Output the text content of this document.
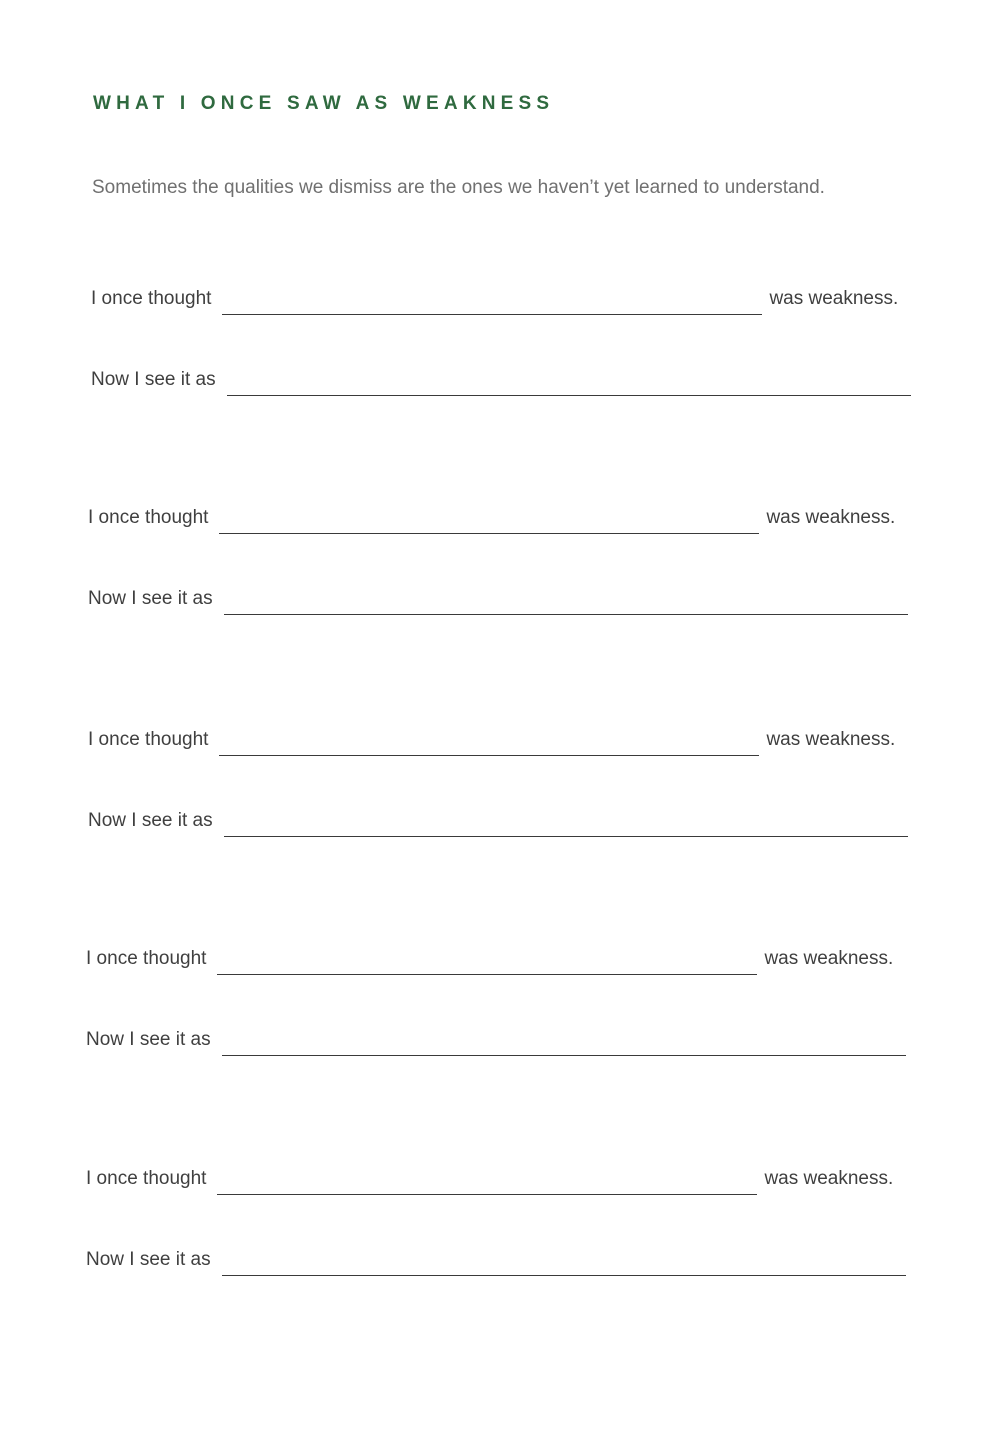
WHAT I ONCE SAW AS WEAKNESS

Sometimes the qualities we dismiss are the ones we haven’t yet learned to understand.

I once thought	was weakness.
Now I see it as
I once thought	was weakness.
Now I see it as
I once thought	was weakness.
Now I see it as
I once thought	was weakness.
Now I see it as
I once thought	was weakness.
Now I see it as
